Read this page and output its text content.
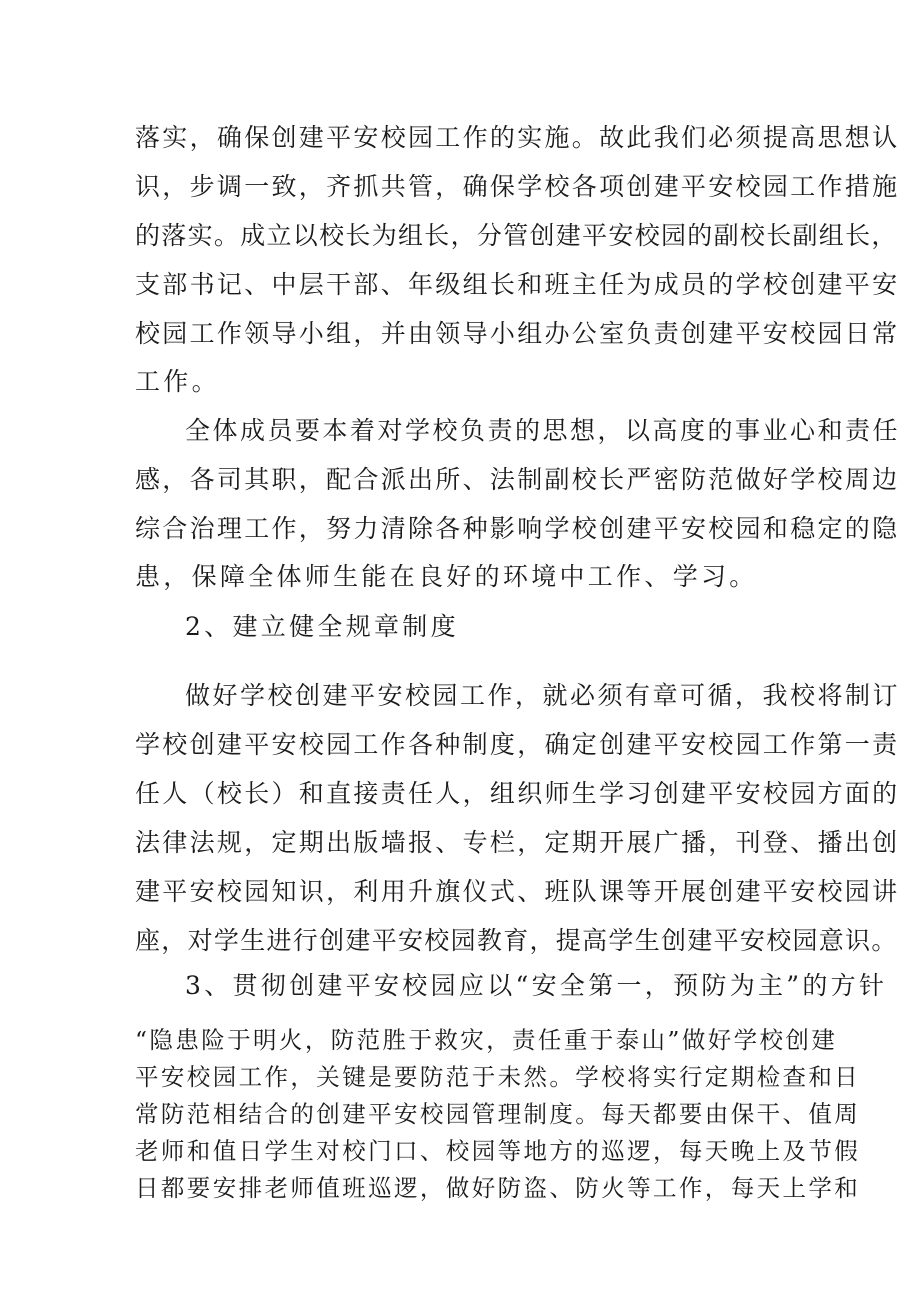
落实，确保创建平安校园工作的实施。故此我们必须提高思想认
识，步调一致，齐抓共管，确保学校各项创建平安校园工作措施
的落实。成立以校长为组长，分管创建平安校园的副校长副组长，
支部书记、中层干部、年级组长和班主任为成员的学校创建平安
校园工作领导小组，并由领导小组办公室负责创建平安校园日常
工作。
全体成员要本着对学校负责的思想，以高度的事业心和责任
感，各司其职，配合派出所、法制副校长严密防范做好学校周边
综合治理工作，努力清除各种影响学校创建平安校园和稳定的隐
患，保障全体师生能在良好的环境中工作、学习。
2、建立健全规章制度
做好学校创建平安校园工作，就必须有章可循，我校将制订
学校创建平安校园工作各种制度，确定创建平安校园工作第一责
任人（校长）和直接责任人，组织师生学习创建平安校园方面的
法律法规，定期出版墙报、专栏，定期开展广播，刊登、播出创
建平安校园知识，利用升旗仪式、班队课等开展创建平安校园讲
座，对学生进行创建平安校园教育，提高学生创建平安校园意识。
3、贯彻创建平安校园应以“安全第一，预防为主”的方针
“隐患险于明火，防范胜于救灾，责任重于泰山”做好学校创建
平安校园工作，关键是要防范于未然。学校将实行定期检查和日
常防范相结合的创建平安校园管理制度。每天都要由保干、值周
老师和值日学生对校门口、校园等地方的巡逻，每天晚上及节假
日都要安排老师值班巡逻，做好防盗、防火等工作，每天上学和
